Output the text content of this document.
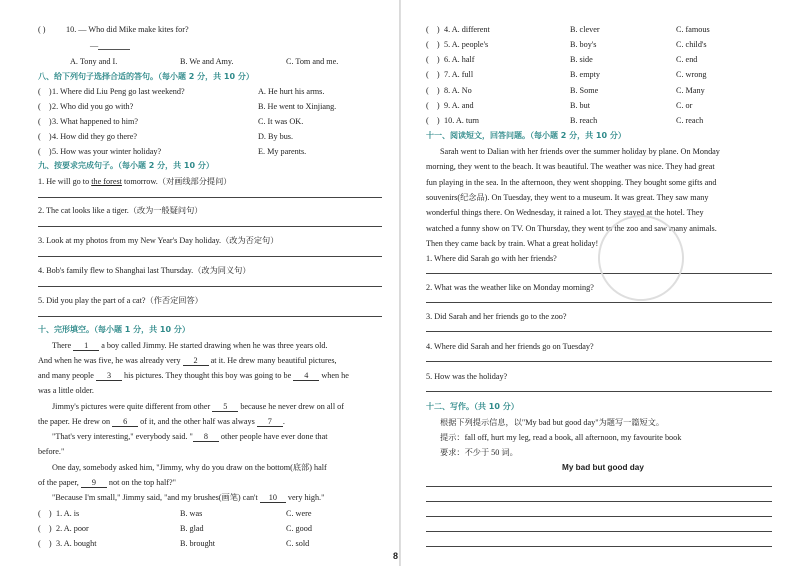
( )	10. — Who did Mike make kites for?
—
A. Tony and I.	B. We and Amy.	C. Tom and me.
八、给下列句子选择合适的答句。（每小题 2 分，共 10 分）
(    ) 1. Where did Liu Peng go last weekend?	A. He hurt his arms.
(    ) 2. Who did you go with?	B. He went to Xinjiang.
(    ) 3. What happened to him?	C. It was OK.
(    ) 4. How did they go there?	D. By bus.
(    ) 5. How was your winter holiday?	E. My parents.
九、按要求完成句子。（每小题 2 分，共 10 分）
1. He will go to the forest tomorrow.（对画线部分提问）
2. The cat looks like a tiger.（改为一般疑问句）
3. Look at my photos from my New Year's Day holiday.（改为否定句）
4. Bob's family flew to Shanghai last Thursday.（改为同义句）
5. Did you play the part of a cat?（作否定回答）
十、完形填空。（每小题 1 分，共 10 分）
There 1 a boy called Jimmy. He started drawing when he was three years old.
And when he was five, he was already very 2 at it. He drew many beautiful pictures,
and many people 3 his pictures. They thought this boy was going to be 4 when he
was a little older.
Jimmy's pictures were quite different from other 5 because he never drew on all of
the paper. He drew on 6 of it, and the other half was always 7 .
"That's very interesting," everybody said. " 8 other people have ever done that
before."
One day, somebody asked him, "Jimmy, why do you draw on the bottom(底部) half
of the paper, 9 not on the top half?"
"Because I'm small," Jimmy said, "and my brushes(画笔) can't 10 very high."
(    ) 1. A. is	B. was	C. were
(    ) 2. A. poor	B. glad	C. good
(    ) 3. A. bought	B. brought	C. sold
8
(    ) 4. A. different	B. clever	C. famous
(    ) 5. A. people's	B. boy's	C. child's
(    ) 6. A. half	B. side	C. end
(    ) 7. A. full	B. empty	C. wrong
(    ) 8. A. No	B. Some	C. Many
(    ) 9. A. and	B. but	C. or
(    ) 10. A. turn	B. reach	C. reach
十一、阅读短文，回答问题。（每小题 2 分，共 10 分）
Sarah went to Dalian with her friends over the summer holiday by plane. On Monday
morning, they went to the beach. It was beautiful. The weather was nice. They had great
fun playing in the sea. In the afternoon, they went shopping. They bought some gifts and
souvenirs(纪念品). On Tuesday, they went to a museum. It was great. They saw many
wonderful things there. On Wednesday, it rained a lot. They stayed at the hotel. They
watched a funny show on TV. On Thursday, they went to the zoo and saw many animals.
Then they came back by train. What a great holiday!
1. Where did Sarah go with her friends?
2. What was the weather like on Monday morning?
3. Did Sarah and her friends go to the zoo?
4. Where did Sarah and her friends go on Tuesday?
5. How was the holiday?
十二、写作。（共 10 分）
根据下列提示信息，以"My bad but good day"为题写一篇短文。
提示：fall off, hurt my leg, read a book, all afternoon, my favourite book
要求：不少于 50 词。
My bad but good day
